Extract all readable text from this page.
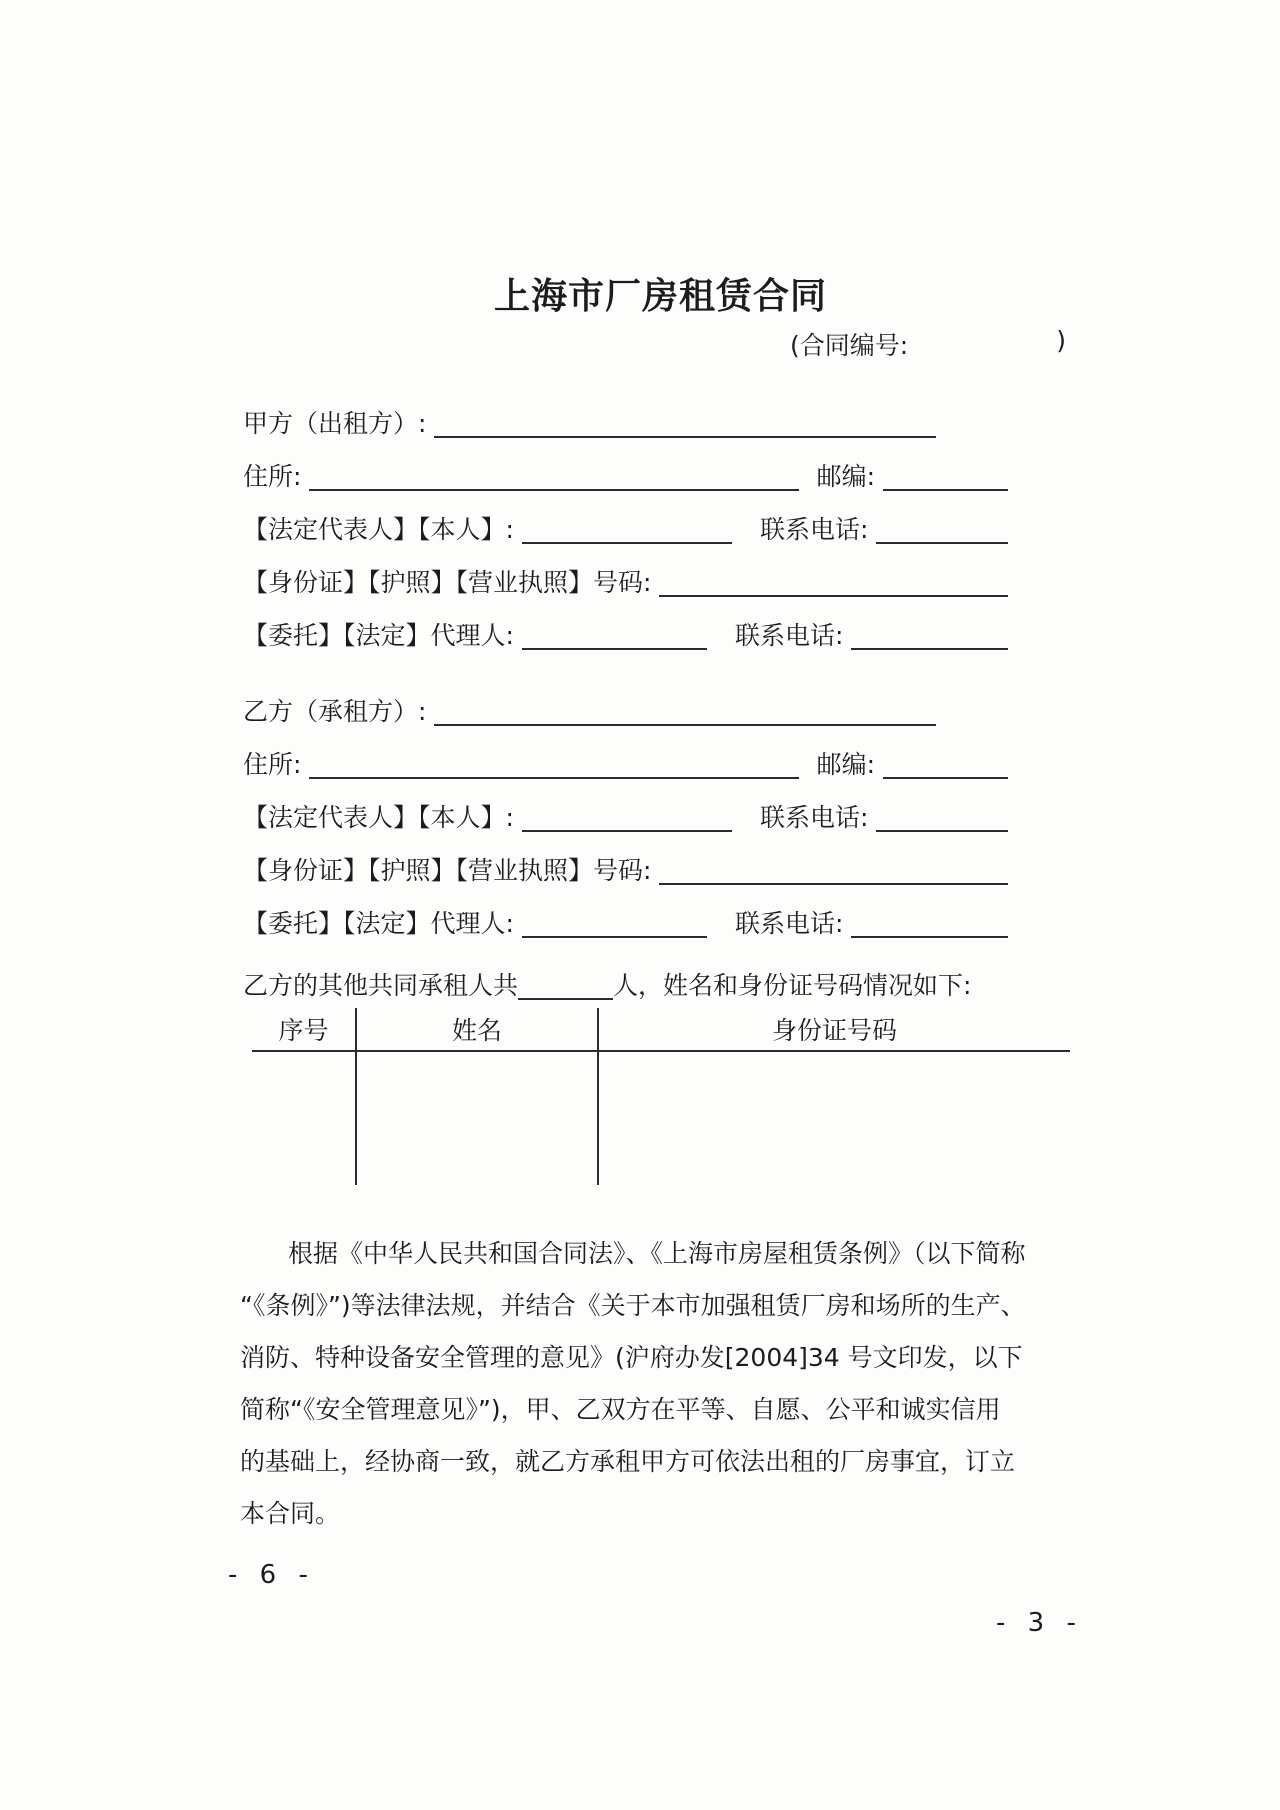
上海市厂房租赁合同
(合同编号:	)
甲方（出租方）:
住所:	邮编:
【法定代表人】【本人】:	联系电话:
【身份证】【护照】【营业执照】号码:
【委托】【法定】代理人:	联系电话:
乙方（承租方）:
住所:	邮编:
【法定代表人】【本人】:	联系电话:
【身份证】【护照】【营业执照】号码:
【委托】【法定】代理人:	联系电话:
乙方的其他共同承租人共	人，姓名和身份证号码情况如下:
序号	姓名	身份证号码
根据《中华人民共和国合同法》、《上海市房屋租赁条例》（以下简称
“《条例》”)等法律法规，并结合《关于本市加强租赁厂房和场所的生产、
消防、特种设备安全管理的意见》(沪府办发[2004]34 号文印发，以下
简称“《安全管理意见》”)，甲、乙双方在平等、自愿、公平和诚实信用
的基础上，经协商一致，就乙方承租甲方可依法出租的厂房事宜，订立
本合同。
- 6 -
- 3 -
